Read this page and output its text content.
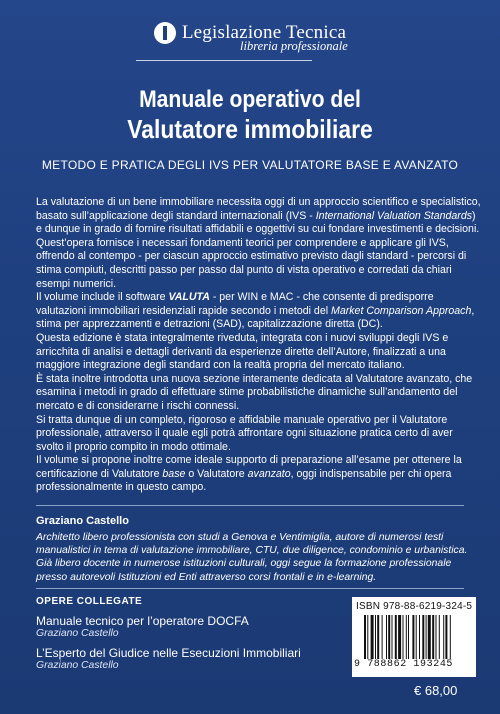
Legislazione Tecnica
libreria professionale
Manuale operativo del
Valutatore immobiliare
METODO E PRATICA DEGLI IVS PER VALUTATORE BASE E AVANZATO

La valutazione di un bene immobiliare necessita oggi di un approccio scientifico e specialistico, basato sull’applicazione degli standard internazionali (IVS - International Valuation Standards) e dunque in grado di fornire risultati affidabili e oggettivi su cui fondare investimenti e decisioni.

Quest’opera fornisce i necessari fondamenti teorici per comprendere e applicare gli IVS, offrendo al contempo - per ciascun approccio estimativo previsto dagli standard - percorsi di stima compiuti, descritti passo per passo dal punto di vista operativo e corredati da chiari esempi numerici.

Il volume include il software VALUTA - per WIN e MAC - che consente di predisporre valutazioni immobiliari residenziali rapide secondo i metodi del Market Comparison Approach, stima per apprezzamenti e detrazioni (SAD), capitalizzazione diretta (DC).

Questa edizione è stata integralmente riveduta, integrata con i nuovi sviluppi degli IVS e arricchita di analisi e dettagli derivanti da esperienze dirette dell’Autore, finalizzati a una maggiore integrazione degli standard con la realtà propria del mercato italiano.

È stata inoltre introdotta una nuova sezione interamente dedicata al Valutatore avanzato, che esamina i metodi in grado di effettuare stime probabilistiche dinamiche sull’andamento del mercato e di considerarne i rischi connessi.

Si tratta dunque di un completo, rigoroso e affidabile manuale operativo per il Valutatore professionale, attraverso il quale egli potrà affrontare ogni situazione pratica certo di aver svolto il proprio compito in modo ottimale.

Il volume si propone inoltre come ideale supporto di preparazione all’esame per ottenere la certificazione di Valutatore base o Valutatore avanzato, oggi indispensabile per chi opera professionalmente in questo campo.

Graziano Castello
Architetto libero professionista con studi a Genova e Ventimiglia, autore di numerosi testi manualistici in tema di valutazione immobiliare, CTU, due diligence, condominio e urbanistica. Già libero docente in numerose istituzioni culturali, oggi segue la formazione professionale presso autorevoli Istituzioni ed Enti attraverso corsi frontali e in e-learning.
OPERE COLLEGATE
Manuale tecnico per l’operatore DOCFA
Graziano Castello
L’Esperto del Giudice nelle Esecuzioni Immobiliari
Graziano Castello
ISBN 978-88-6219-324-5
9 788862 193245
€ 68,00
